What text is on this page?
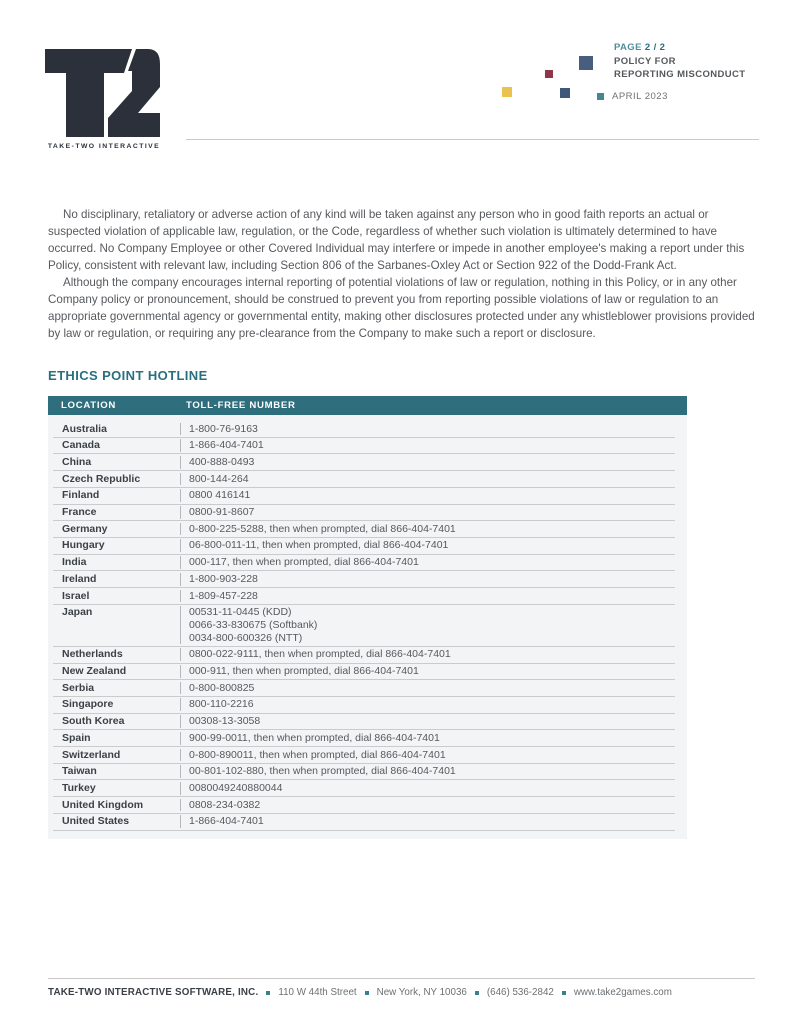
TAKE-TWO INTERACTIVE
PAGE 2 / 2
POLICY FOR
REPORTING MISCONDUCT
APRIL 2023

No disciplinary, retaliatory or adverse action of any kind will be taken against any person who in good faith reports an actual or suspected violation of applicable law, regulation, or the Code, regardless of whether such violation is ultimately determined to have occurred. No Company Employee or other Covered Individual may interfere or impede in another employee's making a report under this Policy, consistent with relevant law, including Section 806 of the Sarbanes-Oxley Act or Section 922 of the Dodd-Frank Act.

Although the company encourages internal reporting of potential violations of law or regulation, nothing in this Policy, or in any other Company policy or pronouncement, should be construed to prevent you from reporting possible violations of law or regulation to an appropriate governmental agency or governmental entity, making other disclosures protected under any whistleblower provisions provided by law or regulation, or requiring any pre-clearance from the Company to make such a report or disclosure.

ETHICS POINT HOTLINE
LOCATION	TOLL-FREE NUMBER
Australia	1-800-76-9163
Canada	1-866-404-7401
China	400-888-0493
Czech Republic	800-144-264
Finland	0800 416141
France	0800-91-8607
Germany	0-800-225-5288, then when prompted, dial 866-404-7401
Hungary	06-800-011-11, then when prompted, dial 866-404-7401
India	000-117, then when prompted, dial 866-404-7401
Ireland	1-800-903-228
Israel	1-809-457-228
Japan	00531-11-0445 (KDD)
0066-33-830675 (Softbank)
0034-800-600326 (NTT)
Netherlands	0800-022-9111, then when prompted, dial 866-404-7401
New Zealand	000-911, then when prompted, dial 866-404-7401
Serbia	0-800-800825
Singapore	800-110-2216
South Korea	00308-13-3058
Spain	900-99-0011, then when prompted, dial 866-404-7401
Switzerland	0-800-890011, then when prompted, dial 866-404-7401
Taiwan	00-801-102-880, then when prompted, dial 866-404-7401
Turkey	0080049240880044
United Kingdom	0808-234-0382
United States	1-866-404-7401
TAKE-TWO INTERACTIVE SOFTWARE, INC. 110 W 44th Street New York, NY 10036 (646) 536-2842 www.take2games.com
